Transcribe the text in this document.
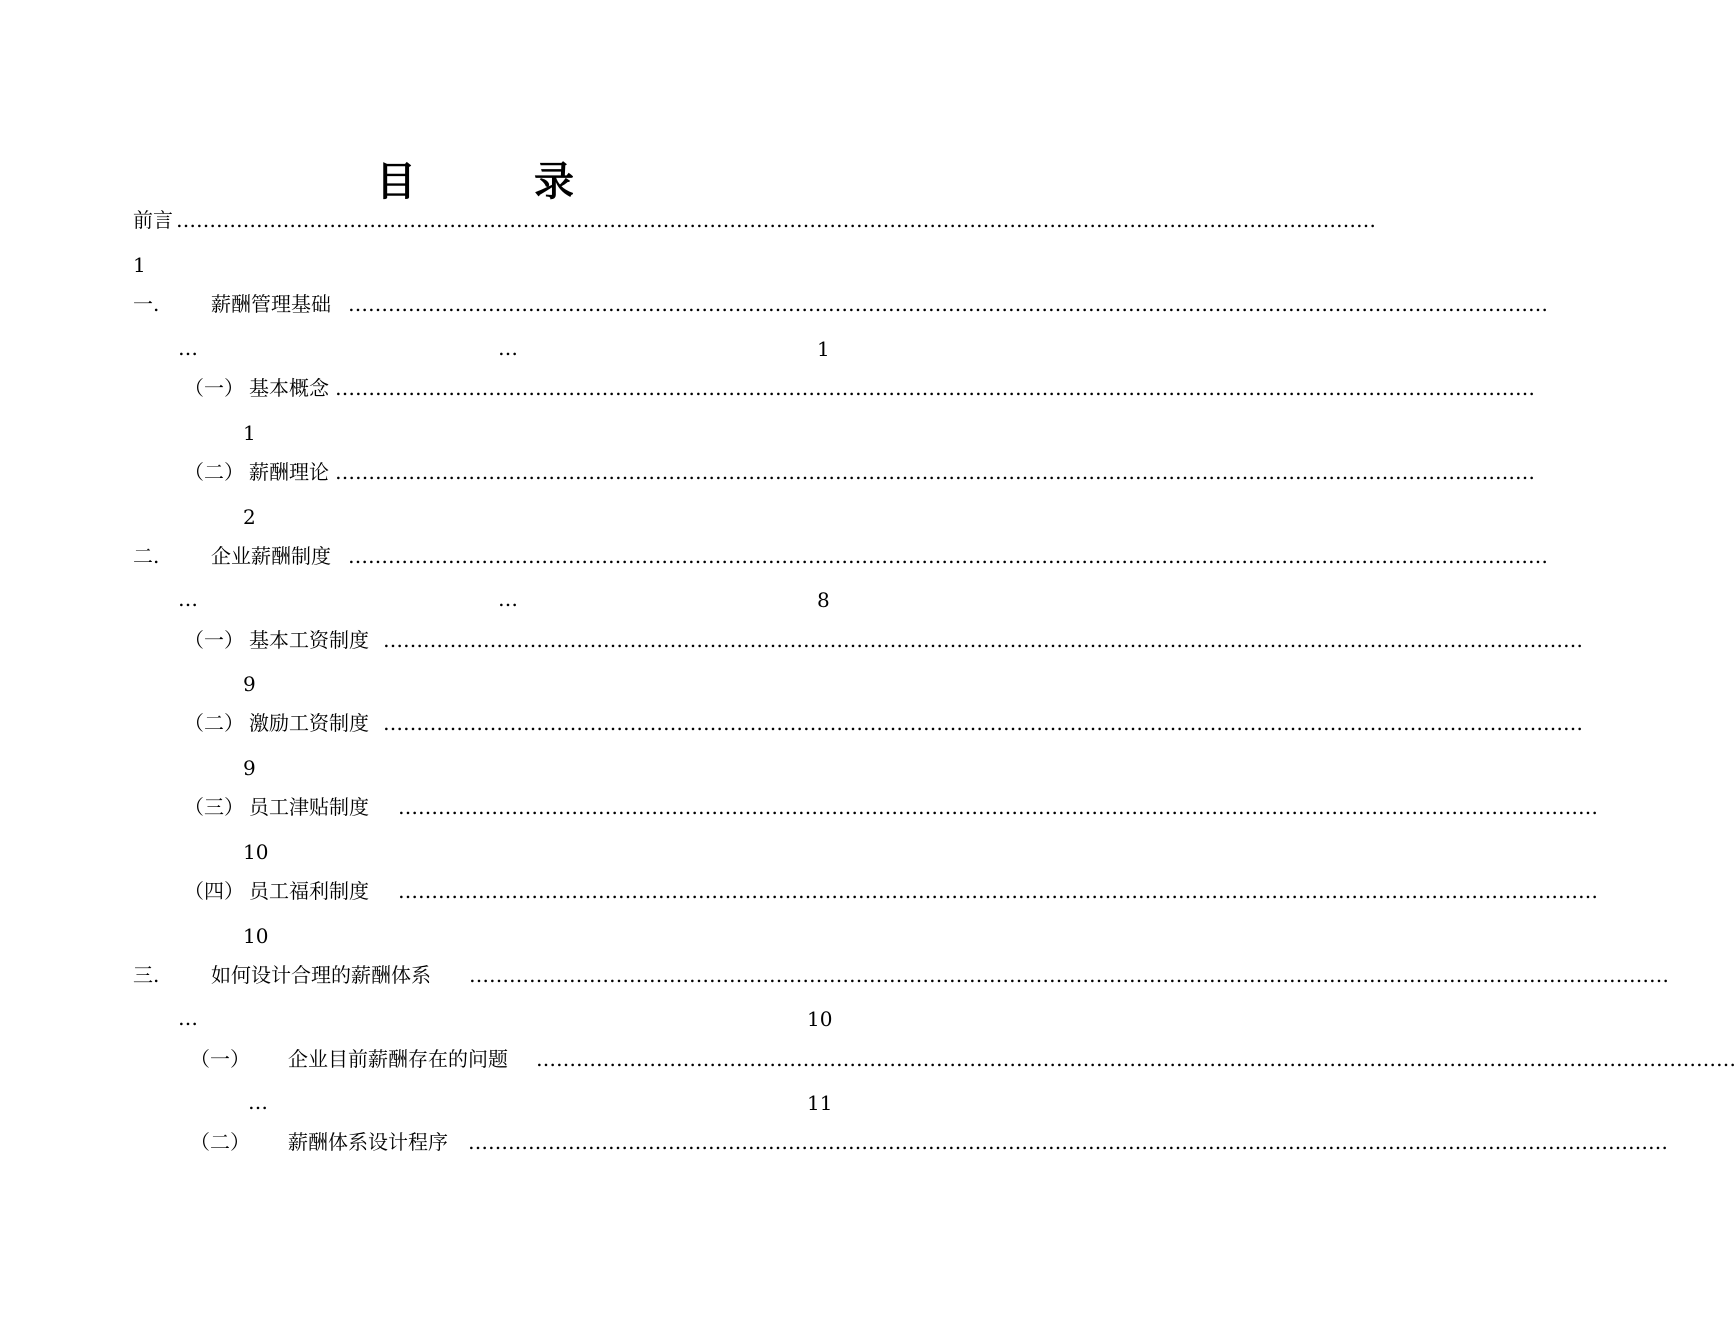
目 录
前言 ………………………………………………………………………………………………………………………………………………………………
1
一.	薪酬管理基础 ………………………………………………………………………………………………………………………………………………………………
…	…	1
（一） 基本概念 ………………………………………………………………………………………………………………………………………………………………
1
（二） 薪酬理论 ………………………………………………………………………………………………………………………………………………………………
2
二.	企业薪酬制度 ………………………………………………………………………………………………………………………………………………………………
…	…	8
（一） 基本工资制度 ………………………………………………………………………………………………………………………………………………………………
9
（二） 激励工资制度 ………………………………………………………………………………………………………………………………………………………………
9
（三） 员工津贴制度 ………………………………………………………………………………………………………………………………………………………………
10
（四） 员工福利制度 ………………………………………………………………………………………………………………………………………………………………
10
三.	如何设计合理的薪酬体系 ………………………………………………………………………………………………………………………………………………………………
…	10
（一） 企业目前薪酬存在的问题 ………………………………………………………………………………………………………………………………………………………………
…	11
（二） 薪酬体系设计程序 ………………………………………………………………………………………………………………………………………………………………
